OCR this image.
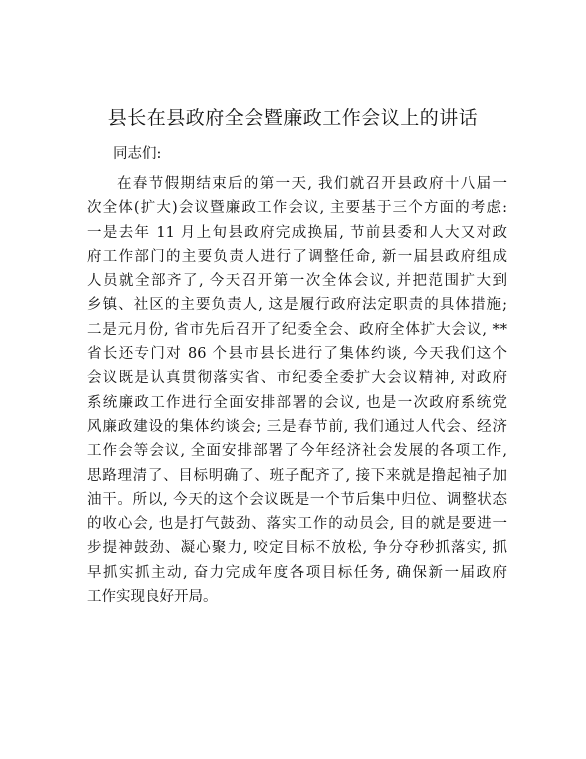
县长在县政府全会暨廉政工作会议上的讲话
同志们:
在春节假期结束后的第一天, 我们就召开县政府十八届一
次全体(扩大)会议暨廉政工作会议, 主要基于三个方面的考虑:
一是去年 11 月上旬县政府完成换届, 节前县委和人大又对政
府工作部门的主要负责人进行了调整任命, 新一届县政府组成
人员就全部齐了, 今天召开第一次全体会议, 并把范围扩大到
乡镇、社区的主要负责人, 这是履行政府法定职责的具体措施;
二是元月份, 省市先后召开了纪委全会、政府全体扩大会议, **
省长还专门对 86 个县市县长进行了集体约谈, 今天我们这个
会议既是认真贯彻落实省、市纪委全委扩大会议精神, 对政府
系统廉政工作进行全面安排部署的会议, 也是一次政府系统党
风廉政建设的集体约谈会; 三是春节前, 我们通过人代会、经济
工作会等会议, 全面安排部署了今年经济社会发展的各项工作,
思路理清了、目标明确了、班子配齐了, 接下来就是撸起袖子加
油干。所以, 今天的这个会议既是一个节后集中归位、调整状态
的收心会, 也是打气鼓劲、落实工作的动员会, 目的就是要进一
步提神鼓劲、凝心聚力, 咬定目标不放松, 争分夺秒抓落实, 抓
早抓实抓主动, 奋力完成年度各项目标任务, 确保新一届政府
工作实现良好开局。
